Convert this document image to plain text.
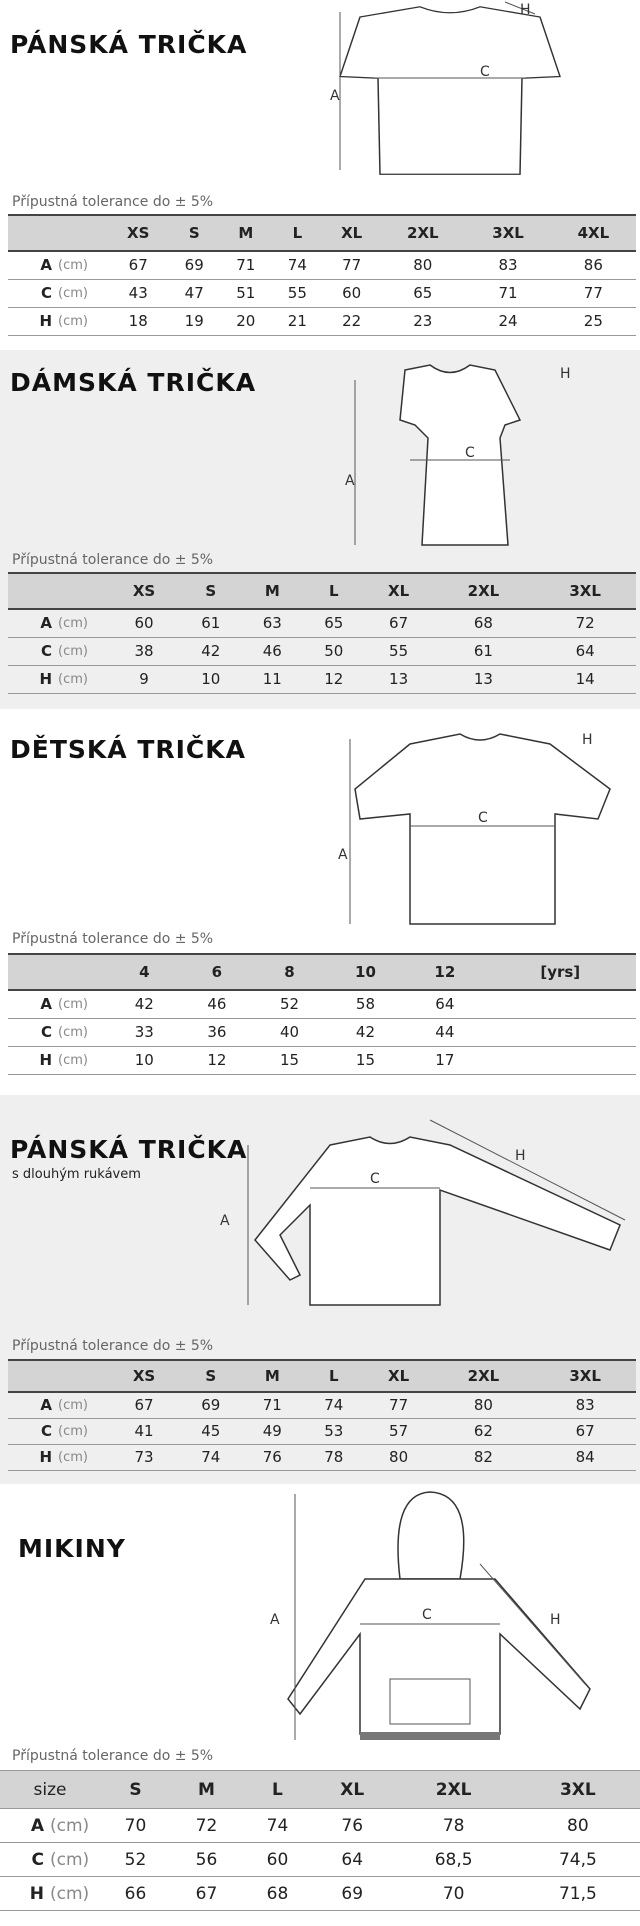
PÁNSKÁ TRIČKA
C
A
H
Přípustná tolerance do ± 5%
		XS	S	M	L	XL	2XL	3XL	4XL
A	(cm)	67	69	71	74	77	80	83	86
C	(cm)	43	47	51	55	60	65	71	77
H	(cm)	18	19	20	21	22	23	24	25
DÁMSKÁ TRIČKA
C
A
H
Přípustná tolerance do ± 5%
		XS	S	M	L	XL	2XL	3XL
A	(cm)	60	61	63	65	67	68	72
C	(cm)	38	42	46	50	55	61	64
H	(cm)	9	10	11	12	13	13	14
DĚTSKÁ TRIČKA
C
A
H
Přípustná tolerance do ± 5%
		4	6	8	10	12	[yrs]
A	(cm)	42	46	52	58	64	
C	(cm)	33	36	40	42	44	
H	(cm)	10	12	15	15	17	
PÁNSKÁ TRIČKA
s dlouhým rukávem	C
A
H
Přípustná tolerance do ± 5%
		XS	S	M	L	XL	2XL	3XL
A	(cm)	67	69	71	74	77	80	83
C	(cm)	41	45	49	53	57	62	67
H	(cm)	73	74	76	78	80	82	84
MIKINY
C
A	H
Přípustná tolerance do ± 5%
size		S	M	L	XL	2XL	3XL
A	(cm)	70	72	74	76	78	80
C	(cm)	52	56	60	64	68,5	74,5
H	(cm)	66	67	68	69	70	71,5
